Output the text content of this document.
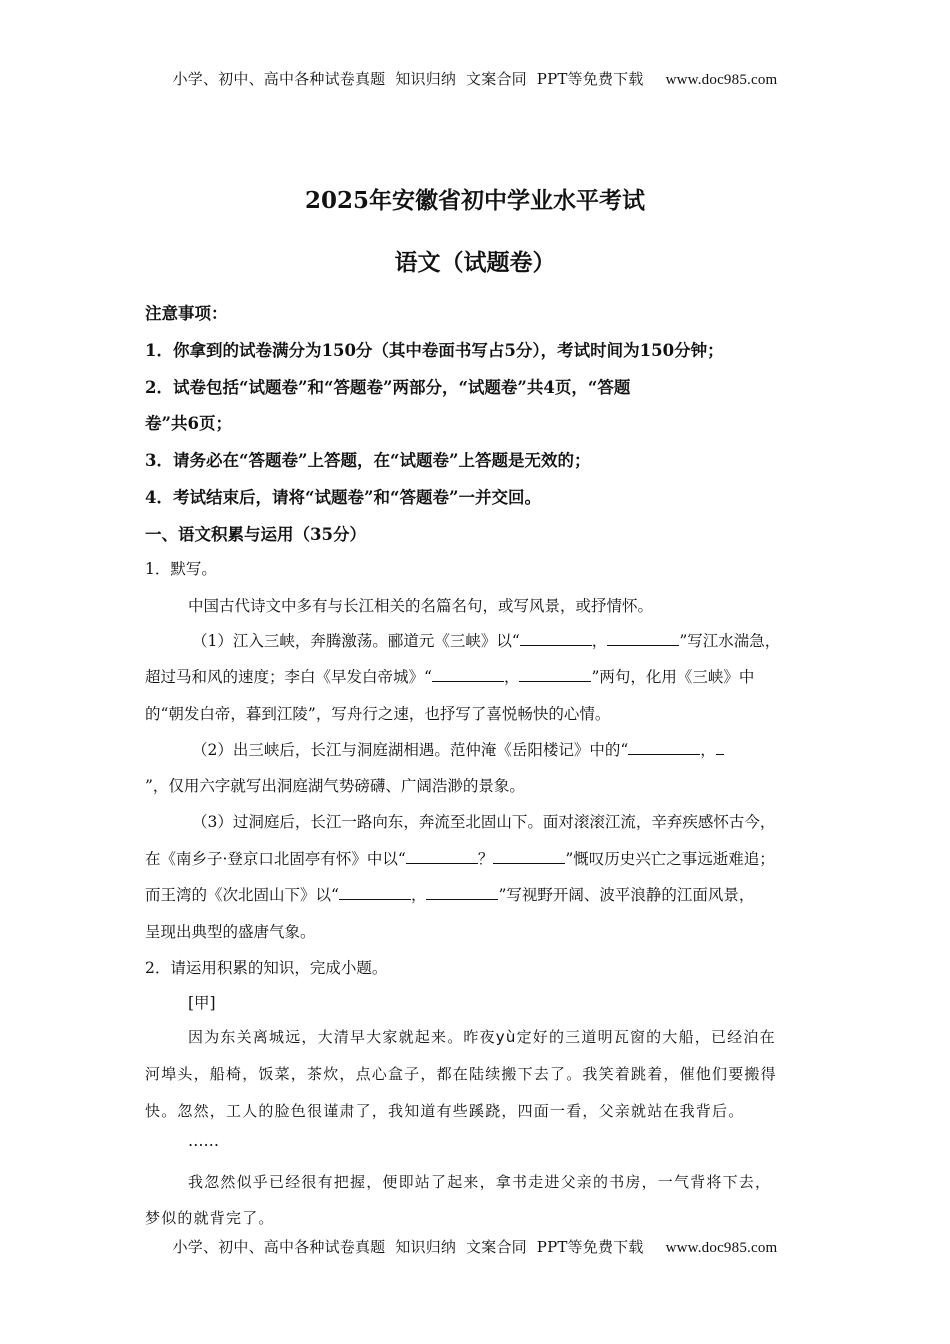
小学、初中、高中各种试卷真题  知识归纳  文案合同  PPT等免费下载 www.doc985.com
2025年安徽省初中学业水平考试
语文（试题卷）
注意事项：
1．你拿到的试卷满分为150分（其中卷面书写占5分），考试时间为150分钟；
2．试卷包括“试题卷”和“答题卷”两部分，“试题卷”共4页，“答题
卷”共6页；
3．请务必在“答题卷”上答题，在“试题卷”上答题是无效的；
4．考试结束后，请将“试题卷”和“答题卷”一并交回。
一、语文积累与运用（35分）
1．默写。
中国古代诗文中多有与长江相关的名篇名句，或写风景，或抒情怀。
（1）江入三峡，奔腾激荡。郦道元《三峡》以“	，	”写江水湍急，
超过马和风的速度；李白《早发白帝城》“	，	”两句，化用《三峡》中
的“朝发白帝，暮到江陵”，写舟行之速，也抒写了喜悦畅快的心情。
（2）出三峡后，长江与洞庭湖相遇。范仲淹《岳阳楼记》中的“	，
”，仅用六字就写出洞庭湖气势磅礴、广阔浩渺的景象。
（3）过洞庭后，长江一路向东，奔流至北固山下。面对滚滚江流，辛弃疾感怀古今，
在《南乡子·登京口北固亭有怀》中以“	？	”慨叹历史兴亡之事远逝难追；
而王湾的《次北固山下》以“	，	”写视野开阔、波平浪静的江面风景，
呈现出典型的盛唐气象。
2．请运用积累的知识，完成小题。
[甲]
因为东关离城远，大清早大家就起来。昨夜yù定好的三道明瓦窗的大船，已经泊在
河埠头，船椅，饭菜，茶炊，点心盒子，都在陆续搬下去了。我笑着跳着，催他们要搬得
快。忽然，工人的脸色很谨肃了，我知道有些蹊跷，四面一看，父亲就站在我背后。
……
我忽然似乎已经很有把握，便即站了起来，拿书走进父亲的书房，一气背将下去，
梦似的就背完了。
小学、初中、高中各种试卷真题  知识归纳  文案合同  PPT等免费下载 www.doc985.com
